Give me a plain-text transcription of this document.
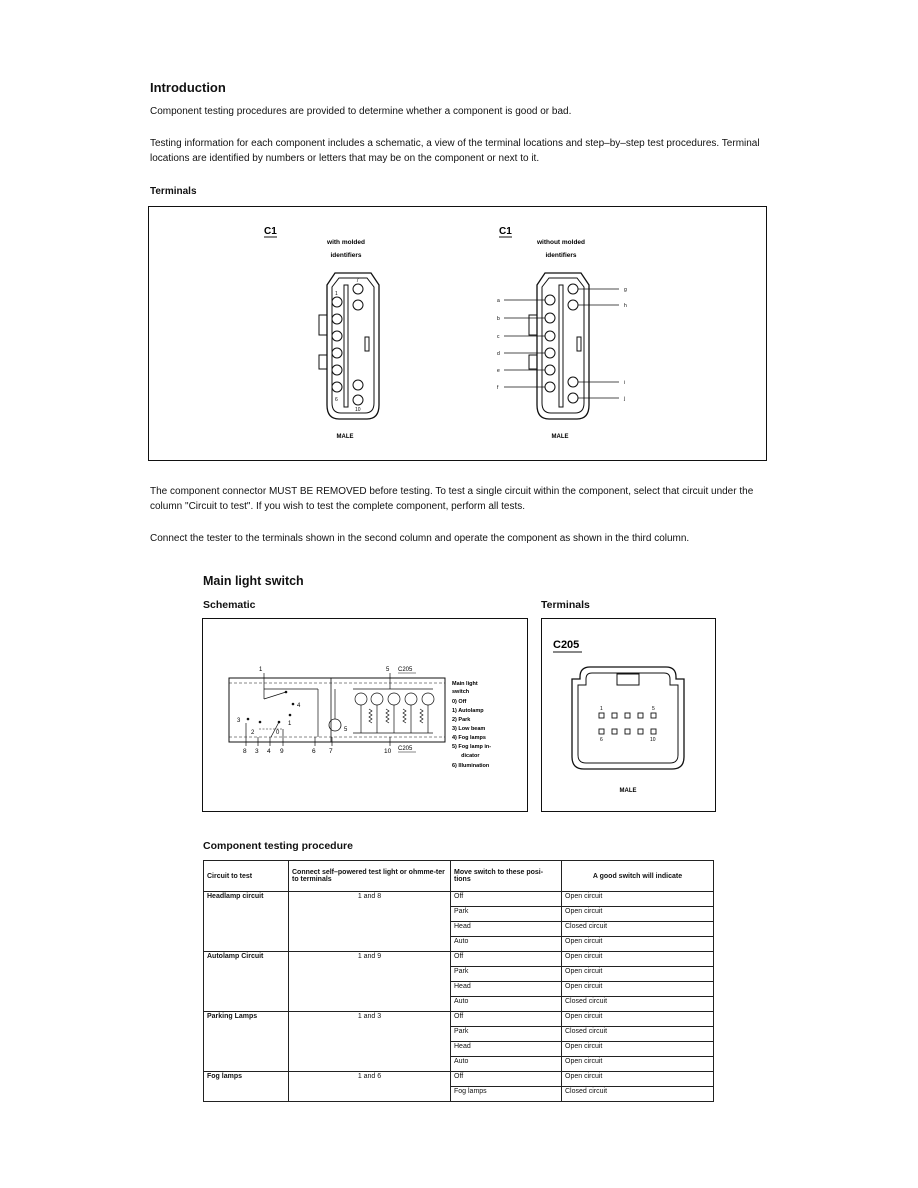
Introduction
Component testing procedures are provided to determine whether a component is good or bad.
Testing information for each component includes a schematic, a view of the terminal locations and step–by–step test procedures. Terminal
locations are identified by numbers or letters that may be on the component or next to it.
Terminals
C1
with molded
identifiers
1
7
6
10
MALE
C1
without molded
identifiers
a
b
c
d
e
f
g
h
i
j
MALE
The component connector MUST BE REMOVED before testing. To test a single circuit within the component, select that circuit under the
column "Circuit to test". If you wish to test the complete component, perform all tests.
Connect the tester to the terminals shown in the second column and operate the component as shown in the third column.
Main light switch
Schematic	Terminals
1	5 C205
3
2	0
1
4
5
8 3 4 9	6 7	10 C205
Main light
switch
0) Off
1) Autolamp
2) Park
3) Low beam
4) Fog lamps
5) Fog lamp in-
dicator
6) Illumination
C205
1	5
6	10
MALE
Component testing procedure
Circuit to test	Connect self–powered test light or ohmme-ter to terminals	Move switch to these posi-tions	A good switch will indicate
Headlamp circuit	1 and 8	Off	Open circuit
		Park	Open circuit
		Head	Closed circuit
		Auto	Open circuit
Autolamp Circuit	1 and 9	Off	Open circuit
		Park	Open circuit
		Head	Open circuit
		Auto	Closed circuit
Parking Lamps	1 and 3	Off	Open circuit
		Park	Closed circuit
		Head	Open circuit
		Auto	Open circuit
Fog lamps	1 and 6	Off	Open circuit
		Fog lamps	Closed circuit
